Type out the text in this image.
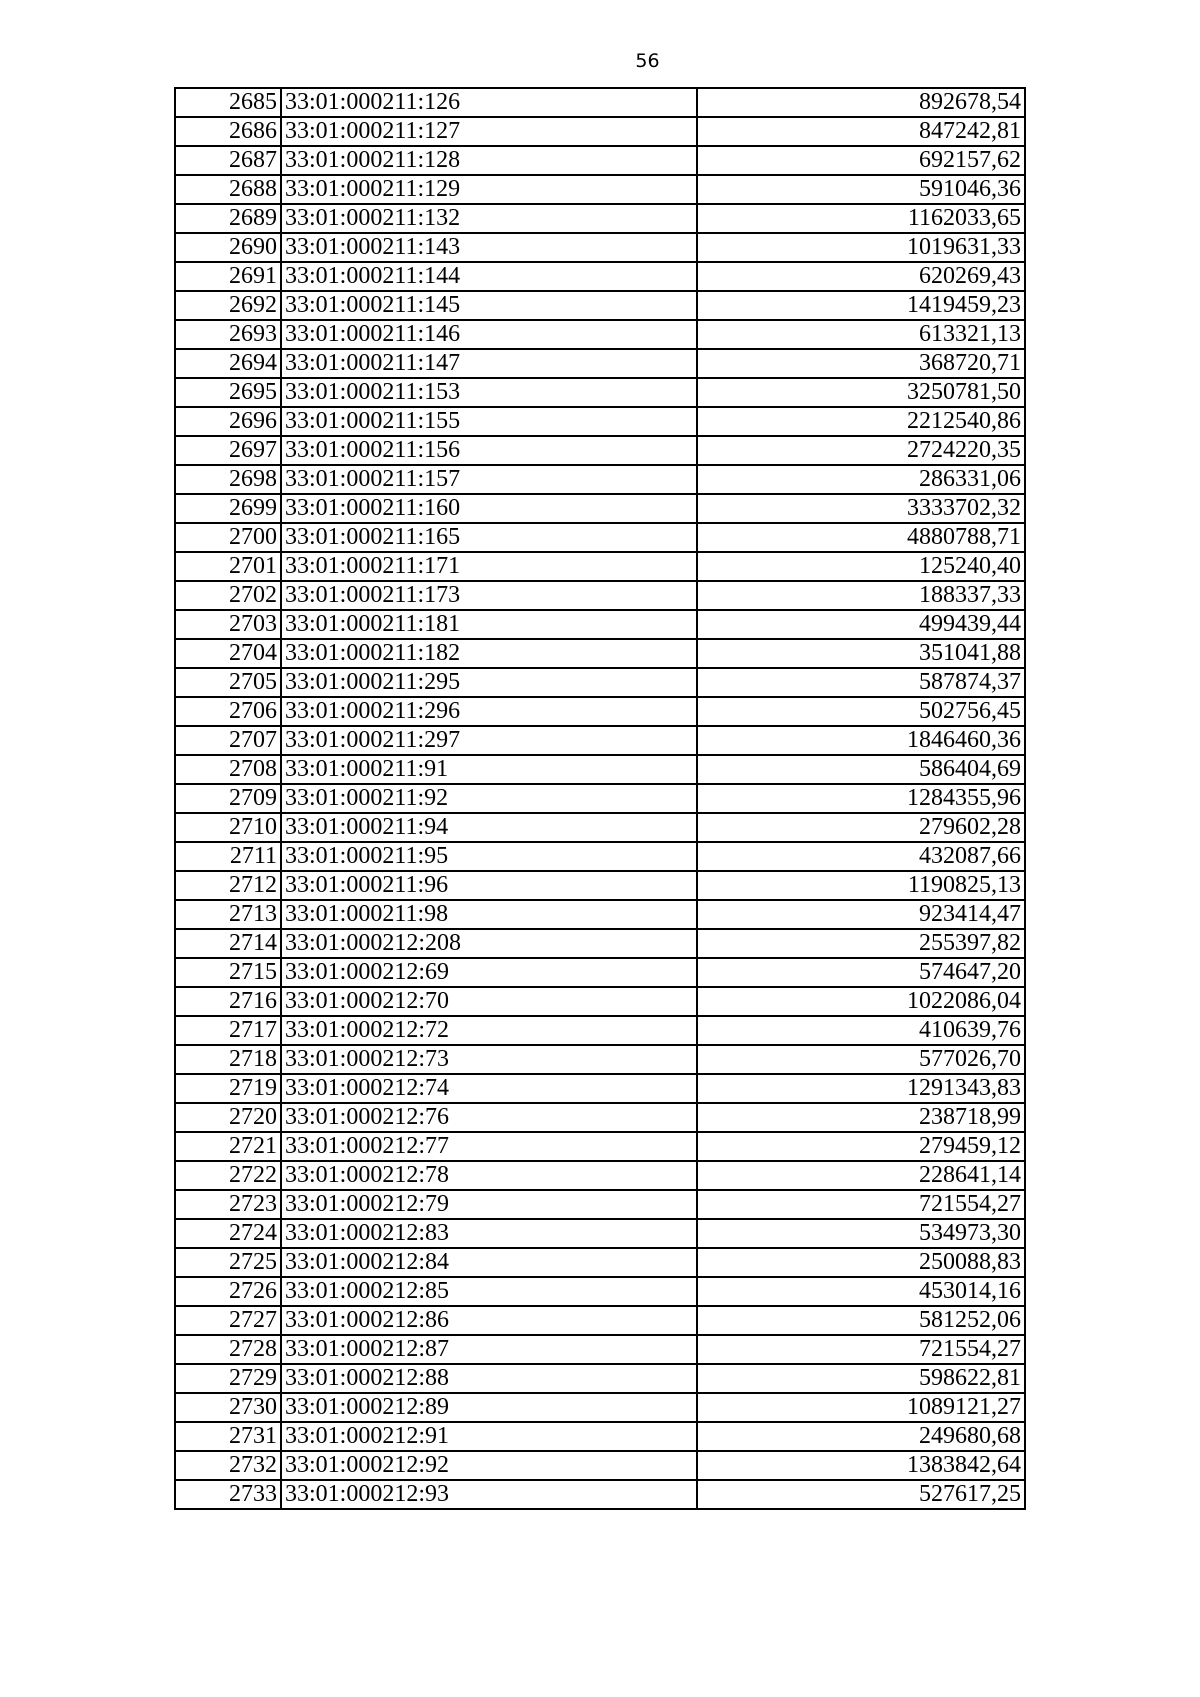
56
2685	33:01:000211:126	892678,54
2686	33:01:000211:127	847242,81
2687	33:01:000211:128	692157,62
2688	33:01:000211:129	591046,36
2689	33:01:000211:132	1162033,65
2690	33:01:000211:143	1019631,33
2691	33:01:000211:144	620269,43
2692	33:01:000211:145	1419459,23
2693	33:01:000211:146	613321,13
2694	33:01:000211:147	368720,71
2695	33:01:000211:153	3250781,50
2696	33:01:000211:155	2212540,86
2697	33:01:000211:156	2724220,35
2698	33:01:000211:157	286331,06
2699	33:01:000211:160	3333702,32
2700	33:01:000211:165	4880788,71
2701	33:01:000211:171	125240,40
2702	33:01:000211:173	188337,33
2703	33:01:000211:181	499439,44
2704	33:01:000211:182	351041,88
2705	33:01:000211:295	587874,37
2706	33:01:000211:296	502756,45
2707	33:01:000211:297	1846460,36
2708	33:01:000211:91	586404,69
2709	33:01:000211:92	1284355,96
2710	33:01:000211:94	279602,28
2711	33:01:000211:95	432087,66
2712	33:01:000211:96	1190825,13
2713	33:01:000211:98	923414,47
2714	33:01:000212:208	255397,82
2715	33:01:000212:69	574647,20
2716	33:01:000212:70	1022086,04
2717	33:01:000212:72	410639,76
2718	33:01:000212:73	577026,70
2719	33:01:000212:74	1291343,83
2720	33:01:000212:76	238718,99
2721	33:01:000212:77	279459,12
2722	33:01:000212:78	228641,14
2723	33:01:000212:79	721554,27
2724	33:01:000212:83	534973,30
2725	33:01:000212:84	250088,83
2726	33:01:000212:85	453014,16
2727	33:01:000212:86	581252,06
2728	33:01:000212:87	721554,27
2729	33:01:000212:88	598622,81
2730	33:01:000212:89	1089121,27
2731	33:01:000212:91	249680,68
2732	33:01:000212:92	1383842,64
2733	33:01:000212:93	527617,25
